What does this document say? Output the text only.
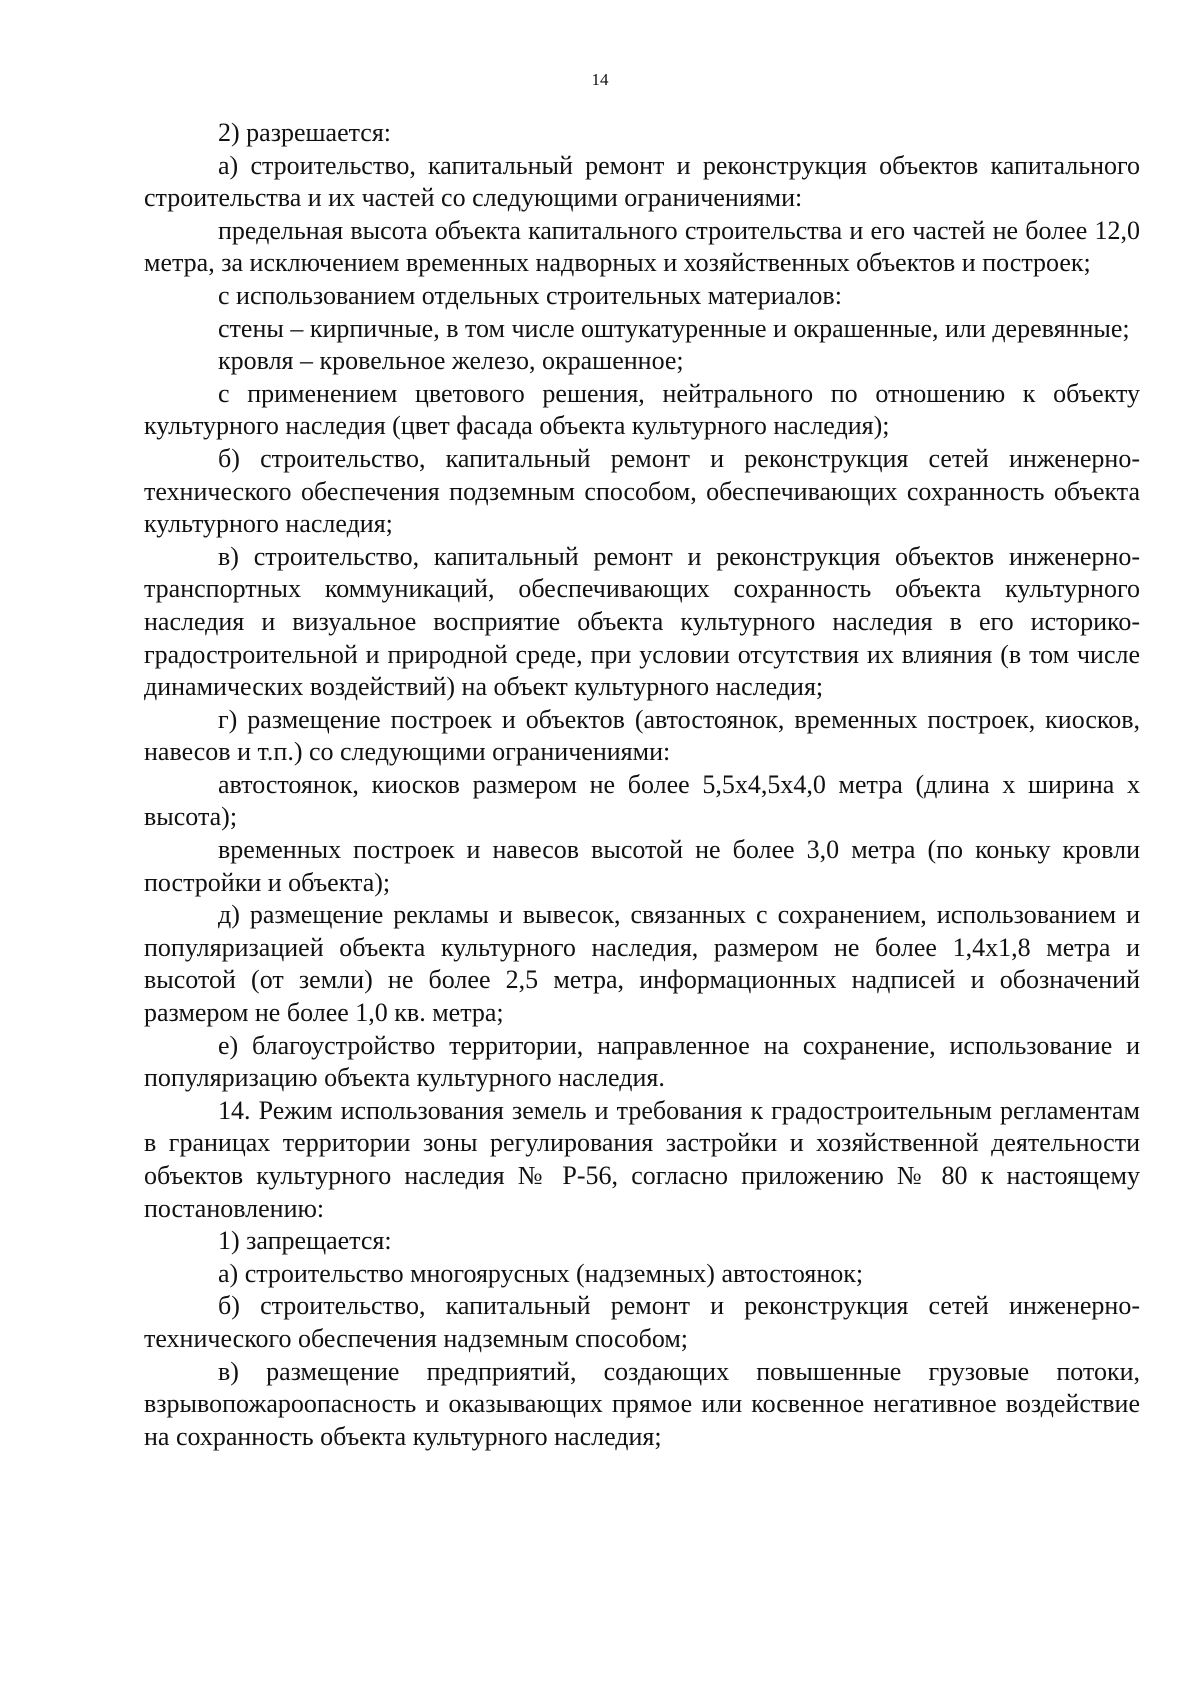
14

2) разрешается:

а) строительство, капитальный ремонт и реконструкция объектов капитального строительства и их частей со следующими ограничениями:

предельная высота объекта капитального строительства и его частей не более 12,0 метра, за исключением временных надворных и хозяйственных объектов и построек;

с использованием отдельных строительных материалов:

стены – кирпичные, в том числе оштукатуренные и окрашенные, или деревянные;

кровля – кровельное железо, окрашенное;

с применением цветового решения, нейтрального по отношению к объекту культурного наследия (цвет фасада объекта культурного наследия);

б) строительство, капитальный ремонт и реконструкция сетей инженерно-технического обеспечения подземным способом, обеспечивающих сохранность объекта культурного наследия;

в) строительство, капитальный ремонт и реконструкция объектов инженерно-транспортных коммуникаций, обеспечивающих сохранность объекта культурного наследия и визуальное восприятие объекта культурного наследия в его историко-градостроительной и природной среде, при условии отсутствия их влияния (в том числе динамических воздействий) на объект культурного наследия;

г) размещение построек и объектов (автостоянок, временных построек, киосков, навесов и т.п.) со следующими ограничениями:

автостоянок, киосков размером не более 5,5х4,5х4,0 метра (длина х ширина х высота);

временных построек и навесов высотой не более 3,0 метра (по коньку кровли постройки и объекта);

д) размещение рекламы и вывесок, связанных с сохранением, использованием и популяризацией объекта культурного наследия, размером не более 1,4х1,8 метра и высотой (от земли) не более 2,5 метра, информационных надписей и обозначений размером не более 1,0 кв. метра;

е) благоустройство территории, направленное на сохранение, использование и популяризацию объекта культурного наследия.

14. Режим использования земель и требования к градостроительным регламентам в границах территории зоны регулирования застройки и хозяйственной деятельности объектов культурного наследия № Р-56, согласно приложению № 80 к настоящему постановлению:

1) запрещается:

а) строительство многоярусных (надземных) автостоянок;

б) строительство, капитальный ремонт и реконструкция сетей инженерно-технического обеспечения надземным способом;

в) размещение предприятий, создающих повышенные грузовые потоки, взрывопожароопасность и оказывающих прямое или косвенное негативное воздействие на сохранность объекта культурного наследия;
